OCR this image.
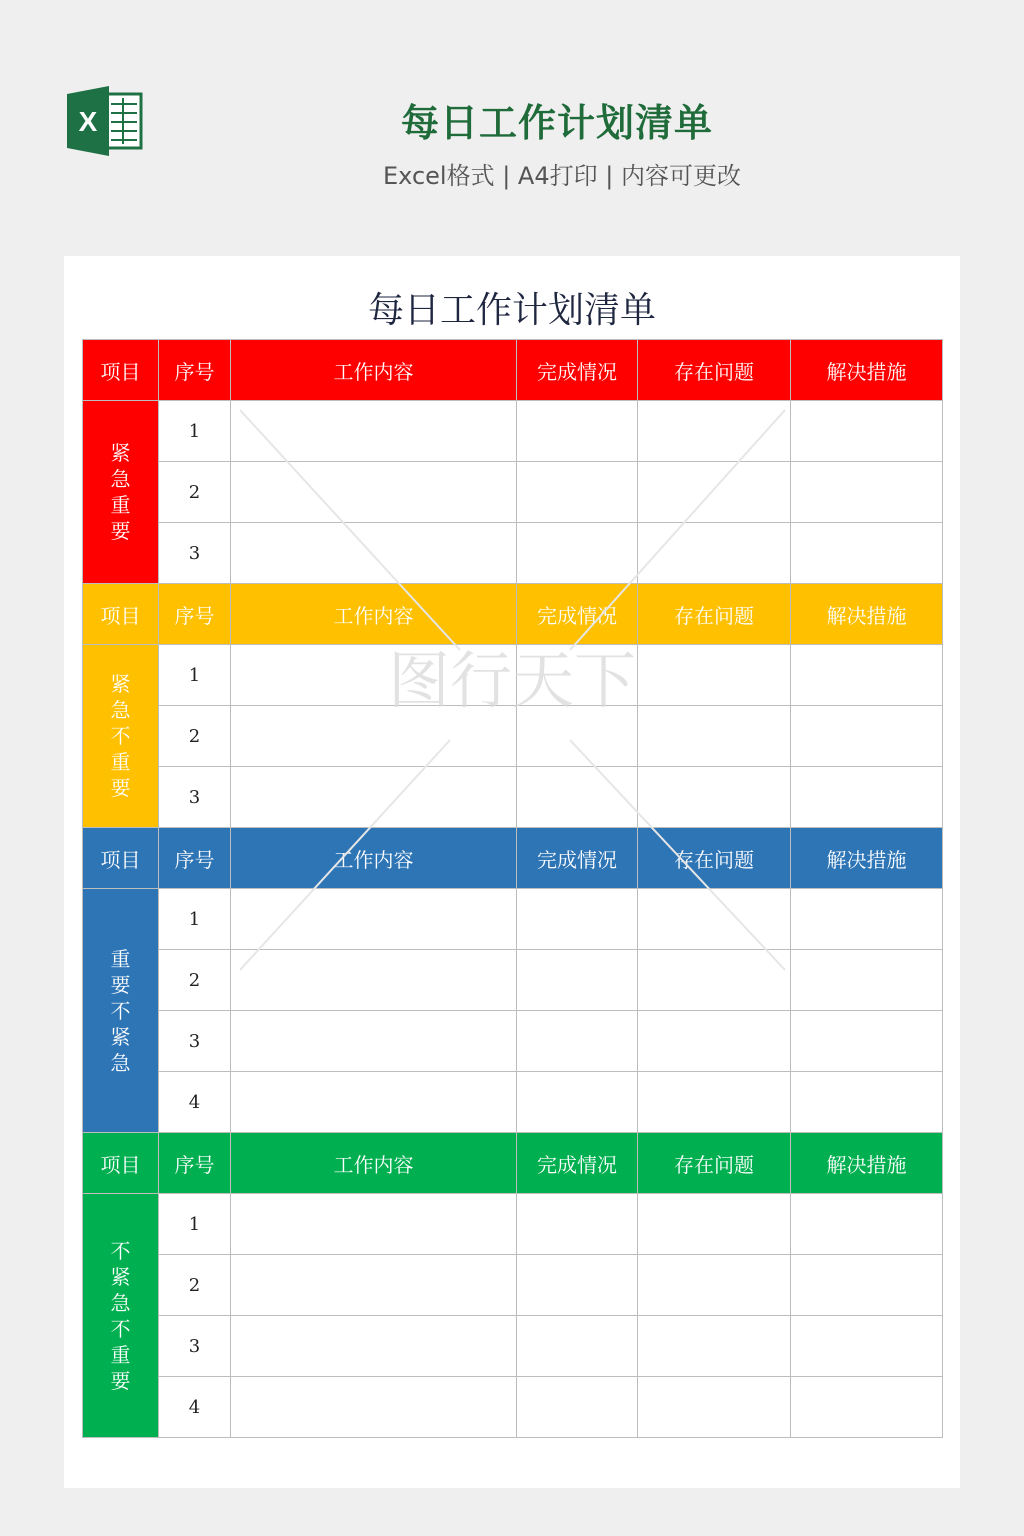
X	每日工作计划清单
Excel格式 | A4打印 | 内容可更改
每日工作计划清单
项目	序号	工作内容	完成情况	存在问题	解决措施

紧急重要	1				
	2				
	3				
项目	序号	工作内容	完成情况	存在问题	解决措施

紧急不重要	1				
	2				
	3				
项目	序号	工作内容	完成情况	存在问题	解决措施

重要不紧急	1				
	2				
	3				
	4				
项目	序号	工作内容	完成情况	存在问题	解决措施

不紧急不重要	1				
	2				
	3				
	4				
图行天下
